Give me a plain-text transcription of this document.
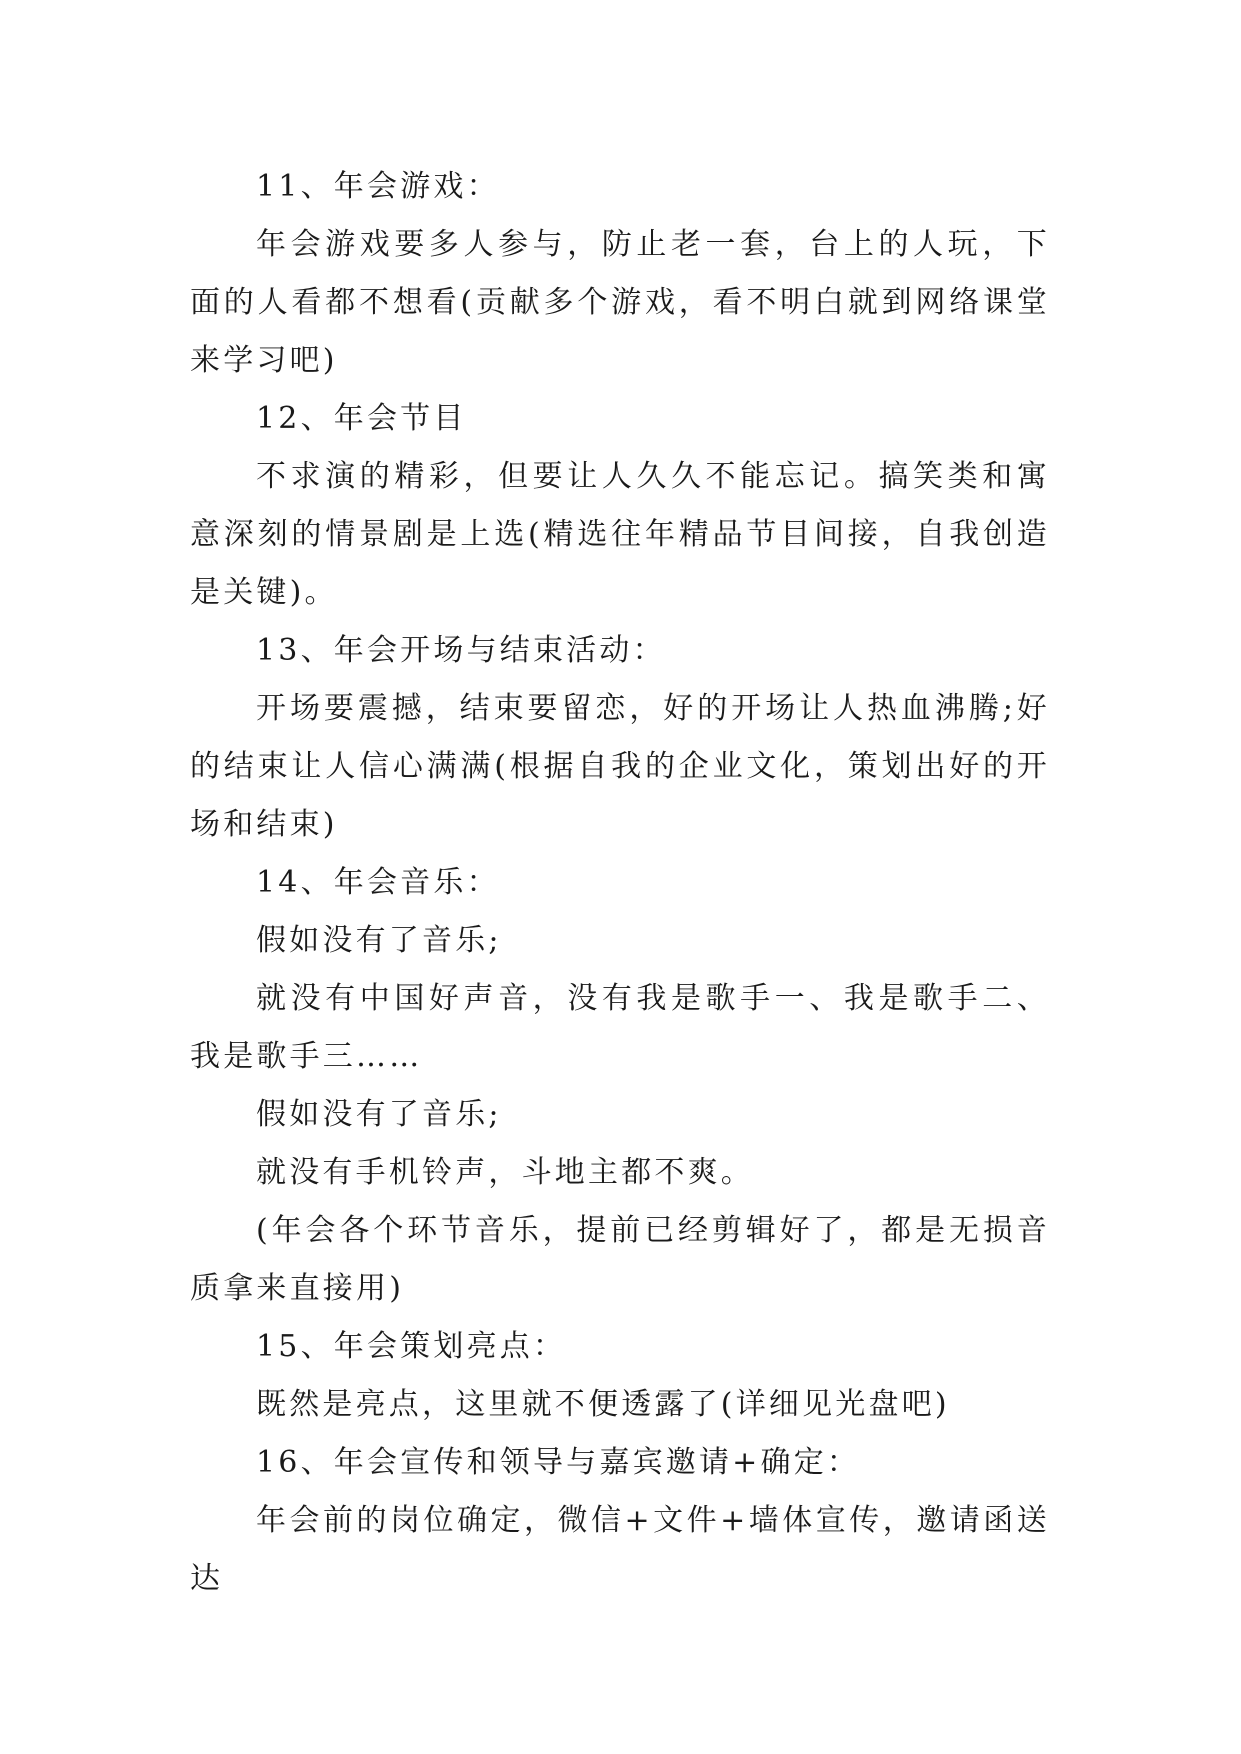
11、年会游戏：

年会游戏要多人参与，防止老一套，台上的人玩，下面的人看都不想看(贡献多个游戏，看不明白就到网络课堂来学习吧)

12、年会节目

不求演的精彩，但要让人久久不能忘记。搞笑类和寓意深刻的情景剧是上选(精选往年精品节目间接，自我创造是关键)。

13、年会开场与结束活动：

开场要震撼，结束要留恋，好的开场让人热血沸腾;好的结束让人信心满满(根据自我的企业文化，策划出好的开场和结束)

14、年会音乐：

假如没有了音乐;

就没有中国好声音，没有我是歌手一、我是歌手二、我是歌手三……

假如没有了音乐;

就没有手机铃声，斗地主都不爽。

(年会各个环节音乐，提前已经剪辑好了，都是无损音质拿来直接用)

15、年会策划亮点：

既然是亮点，这里就不便透露了(详细见光盘吧)

16、年会宣传和领导与嘉宾邀请+确定：

年会前的岗位确定，微信+文件+墙体宣传，邀请函送达
